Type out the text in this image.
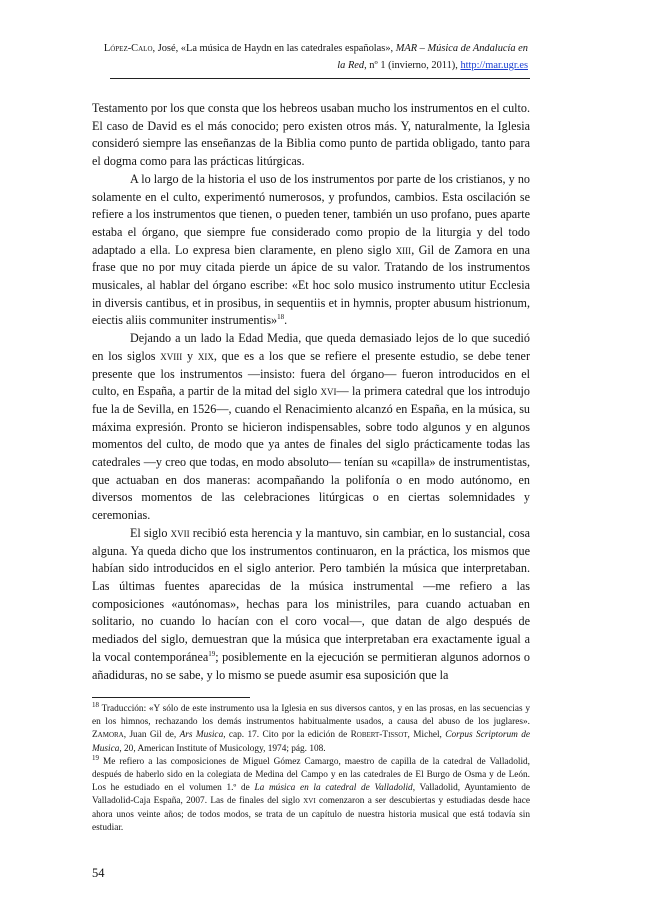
López-Calo, José, «La música de Haydn en las catedrales españolas», MAR – Música de Andalucía en la Red, nº 1 (invierno, 2011), http://mar.ugr.es

Testamento por los que consta que los hebreos usaban mucho los instrumentos en el culto. El caso de David es el más conocido; pero existen otros más. Y, naturalmente, la Iglesia consideró siempre las enseñanzas de la Biblia como punto de partida obligado, tanto para el dogma como para las prácticas litúrgicas.

A lo largo de la historia el uso de los instrumentos por parte de los cristianos, y no solamente en el culto, experimentó numerosos, y profundos, cambios. Esta oscilación se refiere a los instrumentos que tienen, o pueden tener, también un uso profano, pues aparte estaba el órgano, que siempre fue considerado como propio de la liturgia y del todo adaptado a ella. Lo expresa bien claramente, en pleno siglo xiii, Gil de Zamora en una frase que no por muy citada pierde un ápice de su valor. Tratando de los instrumentos musicales, al hablar del órgano escribe: «Et hoc solo musico instrumento utitur Ecclesia in diversis cantibus, et in prosibus, in sequentiis et in hymnis, propter abusum histrionum, eiectis aliis communiter instrumentis»$^{18}$.

Dejando a un lado la Edad Media, que queda demasiado lejos de lo que sucedió en los siglos xviii y xix, que es a los que se refiere el presente estudio, se debe tener presente que los instrumentos —insisto: fuera del órgano— fueron introducidos en el culto, en España, a partir de la mitad del siglo xvi— la primera catedral que los introdujo fue la de Sevilla, en 1526—, cuando el Renacimiento alcanzó en España, en la música, su máxima expresión. Pronto se hicieron indispensables, sobre todo algunos y en algunos momentos del culto, de modo que ya antes de finales del siglo prácticamente todas las catedrales —y creo que todas, en modo absoluto— tenían su «capilla» de instrumentistas, que actuaban en dos maneras: acompañando la polifonía o en modo autónomo, en diversos momentos de las celebraciones litúrgicas o en ciertas solemnidades y ceremonias.

El siglo xvii recibió esta herencia y la mantuvo, sin cambiar, en lo sustancial, cosa alguna. Ya queda dicho que los instrumentos continuaron, en la práctica, los mismos que habían sido introducidos en el siglo anterior. Pero también la música que interpretaban. Las últimas fuentes aparecidas de la música instrumental —me refiero a las composiciones «autónomas», hechas para los ministriles, para cuando actuaban en solitario, no cuando lo hacían con el coro vocal—, que datan de algo después de mediados del siglo, demuestran que la música que interpretaban era exactamente igual a la vocal contemporánea$^{19}$; posiblemente en la ejecución se permitieran algunos adornos o añadiduras, no se sabe, y lo mismo se puede asumir esa suposición que la

$^{18}$ Traducción: «Y sólo de este instrumento usa la Iglesia en sus diversos cantos, y en las prosas, en las secuencias y en los himnos, rechazando los demás instrumentos habitualmente usados, a causa del abuso de los juglares». Zamora, Juan Gil de, Ars Musica, cap. 17. Cito por la edición de Robert-Tissot, Michel, Corpus Scriptorum de Musica, 20, American Institute of Musicology, 1974; pág. 108.

$^{19}$ Me refiero a las composiciones de Miguel Gómez Camargo, maestro de capilla de la catedral de Valladolid, después de haberlo sido en la colegiata de Medina del Campo y en las catedrales de El Burgo de Osma y de León. Los he estudiado en el volumen 1.º de La música en la catedral de Valladolid, Valladolid, Ayuntamiento de Valladolid-Caja España, 2007. Las de finales del siglo xvi comenzaron a ser descubiertas y estudiadas desde hace ahora unos veinte años; de todos modos, se trata de un capítulo de nuestra historia musical que está todavía sin estudiar.

54
